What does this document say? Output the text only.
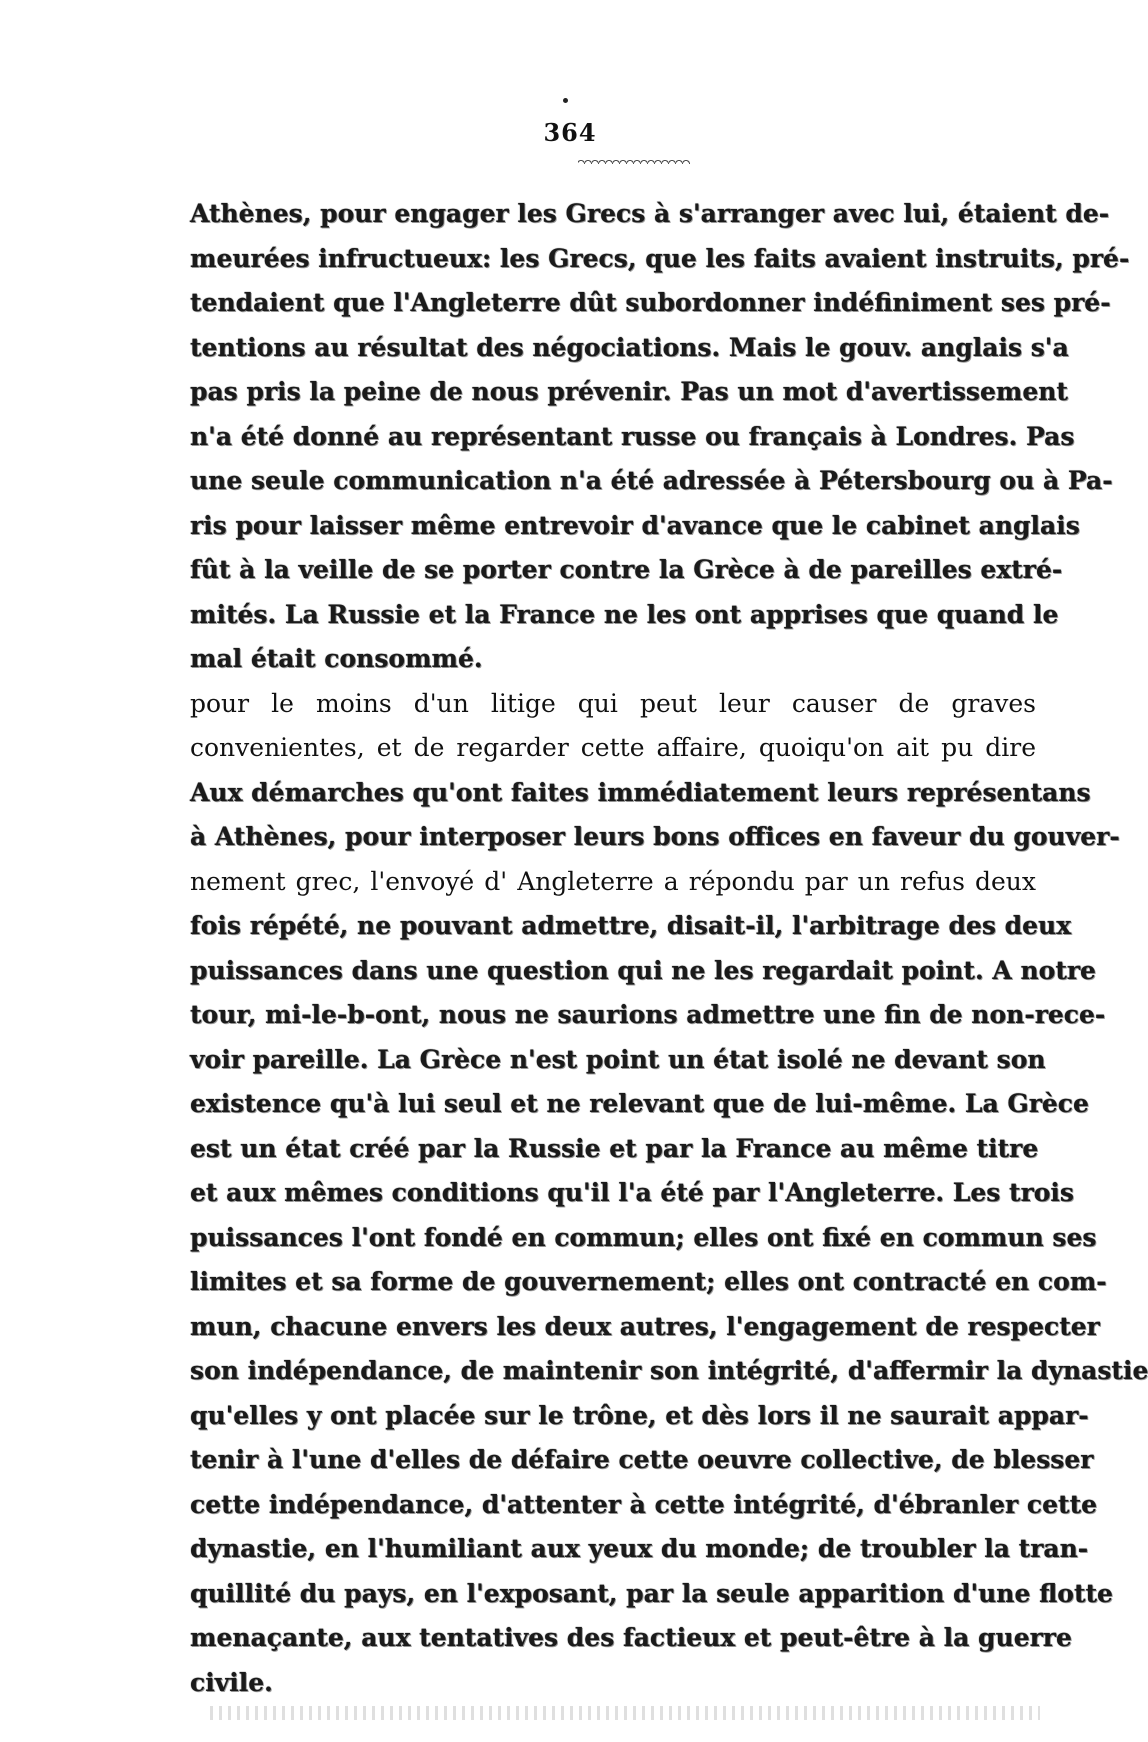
364
Athènes, pour engager les Grecs à s'arranger avec lui, étaient de-
meurées infructueux: les Grecs, que les faits avaient instruits, pré-
tendaient que l'Angleterre dût subordonner indéfiniment ses pré-
tentions au résultat des négociations. Mais le gouv. anglais s'a
pas pris la peine de nous prévenir. Pas un mot d'avertissement
n'a été donné au représentant russe ou français à Londres. Pas
une seule communication n'a été adressée à Pétersbourg ou à Pa-
ris pour laisser même entrevoir d'avance que le cabinet anglais
fût à la veille de se porter contre la Grèce à de pareilles extré-
mités. La Russie et la France ne les ont apprises que quand le
mal était consommé.
pour le moins d'un litige qui peut leur causer de graves
convenientes, et de regarder cette affaire, quoiqu'on ait pu dire
Aux démarches qu'ont faites immédiatement leurs représentans
à Athènes, pour interposer leurs bons offices en faveur du gouver-
nement grec, l'envoyé d' Angleterre a répondu par un refus deux
fois répété, ne pouvant admettre, disait-il, l'arbitrage des deux
puissances dans une question qui ne les regardait point. A notre
tour, mi-le-b-ont, nous ne saurions admettre une fin de non-rece-
voir pareille. La Grèce n'est point un état isolé ne devant son
existence qu'à lui seul et ne relevant que de lui-même. La Grèce
est un état créé par la Russie et par la France au même titre
et aux mêmes conditions qu'il l'a été par l'Angleterre. Les trois
puissances l'ont fondé en commun; elles ont fixé en commun ses
limites et sa forme de gouvernement; elles ont contracté en com-
mun, chacune envers les deux autres, l'engagement de respecter
son indépendance, de maintenir son intégrité, d'affermir la dynastie
qu'elles y ont placée sur le trône, et dès lors il ne saurait appar-
tenir à l'une d'elles de défaire cette oeuvre collective, de blesser
cette indépendance, d'attenter à cette intégrité, d'ébranler cette
dynastie, en l'humiliant aux yeux du monde; de troubler la tran-
quillité du pays, en l'exposant, par la seule apparition d'une flotte
menaçante, aux tentatives des factieux et peut-être à la guerre
civile.
